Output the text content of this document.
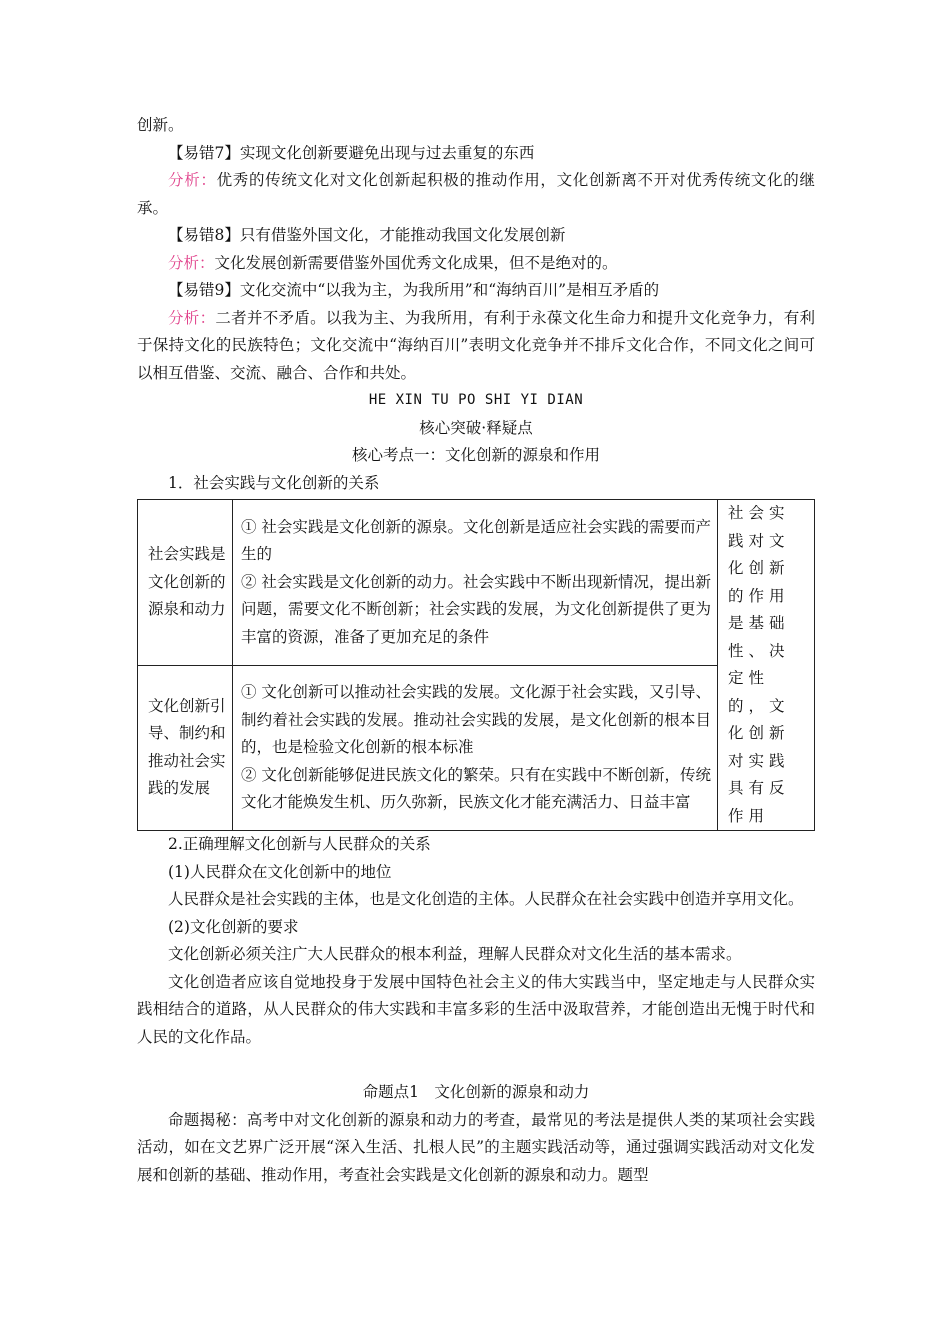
创新。

【易错7】实现文化创新要避免出现与过去重复的东西

分析：优秀的传统文化对文化创新起积极的推动作用，文化创新离不开对优秀传统文化的继承。

【易错8】只有借鉴外国文化，才能推动我国文化发展创新

分析：文化发展创新需要借鉴外国优秀文化成果，但不是绝对的。

【易错9】文化交流中“以我为主，为我所用”和“海纳百川”是相互矛盾的

分析：二者并不矛盾。以我为主、为我所用，有利于永葆文化生命力和提升文化竞争力，有利于保持文化的民族特色；文化交流中“海纳百川”表明文化竞争并不排斥文化合作，不同文化之间可以相互借鉴、交流、融合、合作和共处。

HE XIN TU PO SHI YI DIAN

核心突破·释疑点

核心考点一：文化创新的源泉和作用

1．社会实践与文化创新的关系

社会实践是文化创新的源泉和动力	① 社会实践是文化创新的源泉。文化创新是适应社会实践的需要而产生的
② 社会实践是文化创新的动力。社会实践中不断出现新情况，提出新问题，需要文化不断创新；社会实践的发展，为文化创新提供了更为丰富的资源，准备了更加充足的条件	社会实践对文化创新的作用是基础性、决定性的，文化创新对实践具有反作用
文化创新引导、制约和推动社会实践的发展	① 文化创新可以推动社会实践的发展。文化源于社会实践，又引导、制约着社会实践的发展。推动社会实践的发展，是文化创新的根本目的，也是检验文化创新的根本标准
② 文化创新能够促进民族文化的繁荣。只有在实践中不断创新，传统文化才能焕发生机、历久弥新，民族文化才能充满活力、日益丰富	

2.正确理解文化创新与人民群众的关系

(1)人民群众在文化创新中的地位

人民群众是社会实践的主体，也是文化创造的主体。人民群众在社会实践中创造并享用文化。

(2)文化创新的要求

文化创新必须关注广大人民群众的根本利益，理解人民群众对文化生活的基本需求。

文化创造者应该自觉地投身于发展中国特色社会主义的伟大实践当中，坚定地走与人民群众实践相结合的道路，从人民群众的伟大实践和丰富多彩的生活中汲取营养，才能创造出无愧于时代和人民的文化作品。

命题点1　文化创新的源泉和动力

命题揭秘：高考中对文化创新的源泉和动力的考查，最常见的考法是提供人类的某项社会实践活动，如在文艺界广泛开展“深入生活、扎根人民”的主题实践活动等，通过强调实践活动对文化发展和创新的基础、推动作用，考查社会实践是文化创新的源泉和动力。题型
